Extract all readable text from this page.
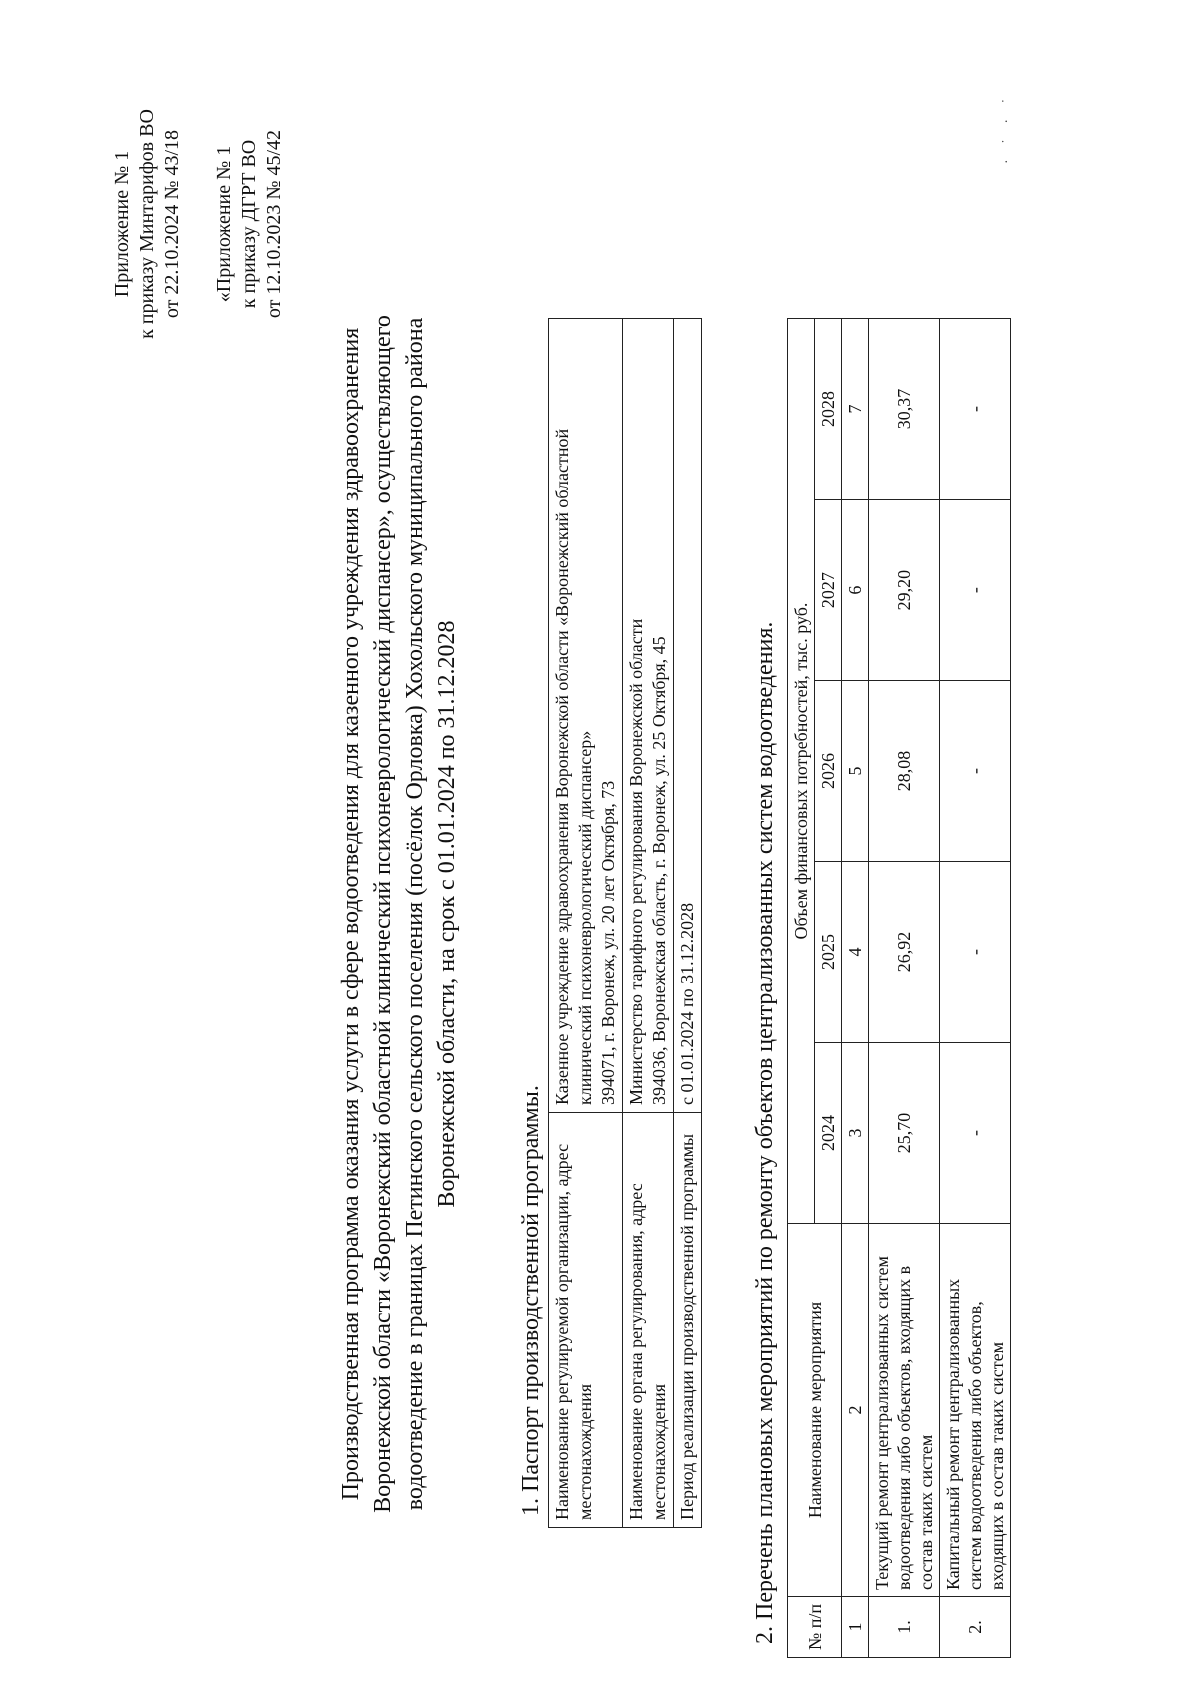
Приложение № 1 к приказу Минтарифов ВО от 22.10.2024 № 43/18 «Приложение № 1 к приказу ДГРТ ВО от 12.10.2023 № 45/42
Производственная программа оказания услуги в сфере водоотведения для казенного учреждения здравоохранения Воронежской области «Воронежский областной клинический психоневрологический диспансер», осуществляющего водоотведение в границах Петинского сельского поселения (посёлок Орловка) Хохольского муниципального района Воронежской области, на срок с 01.01.2024 по 31.12.2028
1. Паспорт производственной программы. Наименование регулируемой организации, адрес местонахождения	Казенное учреждение здравоохранения Воронежской области «Воронежский областной клинический психоневрологический диспансер» 394071, г. Воронеж, ул. 20 лет Октября, 73

Наименование органа регулирования, адрес местонахождения	Министерство тарифного регулирования Воронежской области 394036, Воронежская область, г. Воронеж, ул. 25 Октября, 45

Период реализации производственной программы	с 01.01.2024 по 31.12.2028 2. Перечень плановых мероприятий по ремонту объектов централизованных систем водоотведения. № п/п	Наименование мероприятия	Объем финансовых потребностей, тыс. руб.				
		2024	2025	2026	2027	2028
1	2	3	4	5	6	7
1.	Текущий ремонт централизованных систем водоотведения либо объектов, входящих в состав таких систем	25,70	26,92	28,08	29,20	30,37
2.	Капитальный ремонт централизованных систем водоотведения либо объектов, входящих в состав таких систем	-	-	-	-	-
· ˙ · ˙
